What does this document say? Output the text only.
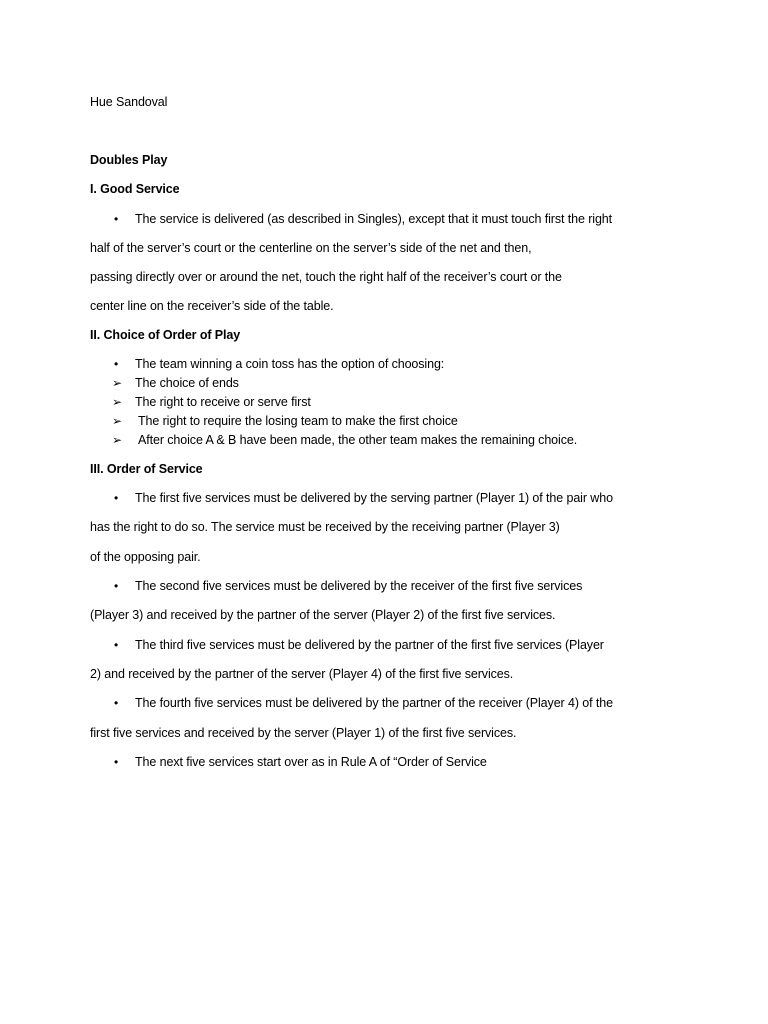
Hue Sandoval
Doubles Play
I. Good Service
• The service is delivered (as described in Singles), except that it must touch first the right
half of the server’s court or the centerline on the server’s side of the net and then,
passing directly over or around the net, touch the right half of the receiver’s court or the
center line on the receiver’s side of the table.
II. Choice of Order of Play
• The team winning a coin toss has the option of choosing:
➢ The choice of ends
➢ The right to receive or serve first
➢ The right to require the losing team to make the first choice
➢ After choice A & B have been made, the other team makes the remaining choice.
III. Order of Service
• The first five services must be delivered by the serving partner (Player 1) of the pair who
has the right to do so. The service must be received by the receiving partner (Player 3)
of the opposing pair.
• The second five services must be delivered by the receiver of the first five services
(Player 3) and received by the partner of the server (Player 2) of the first five services.
• The third five services must be delivered by the partner of the first five services (Player
2) and received by the partner of the server (Player 4) of the first five services.
• The fourth five services must be delivered by the partner of the receiver (Player 4) of the
first five services and received by the server (Player 1) of the first five services.
• The next five services start over as in Rule A of “Order of Service
